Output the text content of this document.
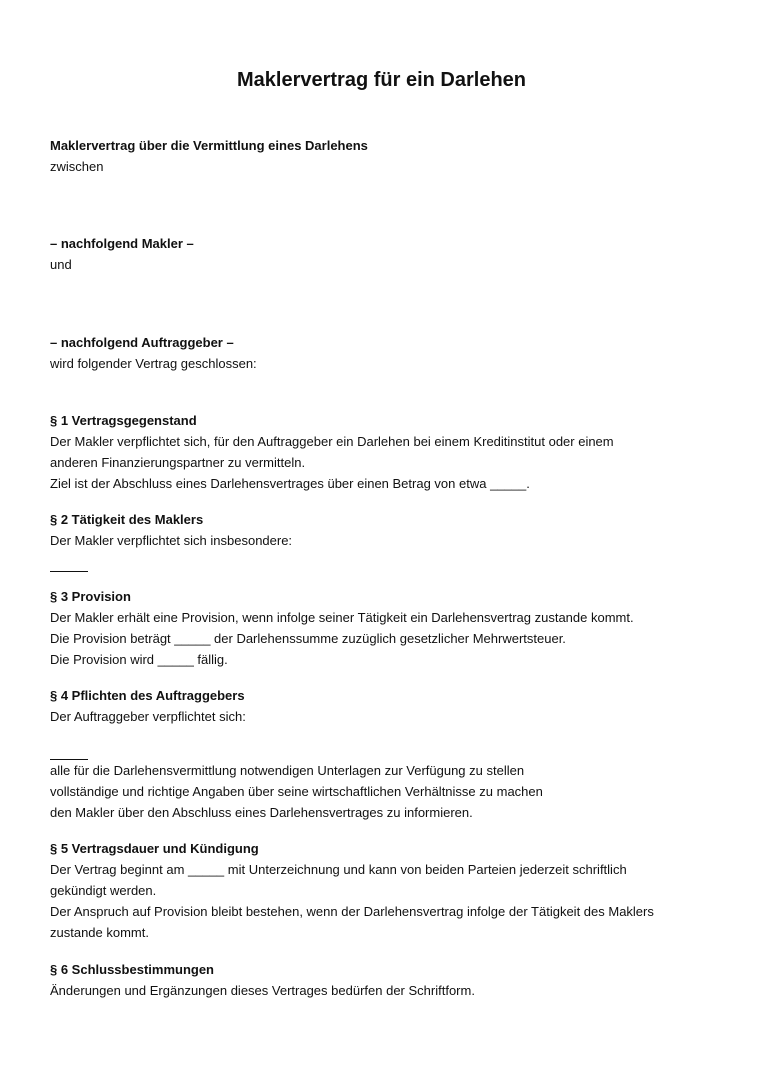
Maklervertrag für ein Darlehen
Maklervertrag über die Vermittlung eines Darlehens
zwischen
– nachfolgend Makler –
und
– nachfolgend Auftraggeber –
wird folgender Vertrag geschlossen:
§ 1 Vertragsgegenstand
Der Makler verpflichtet sich, für den Auftraggeber ein Darlehen bei einem Kreditinstitut oder einem
anderen Finanzierungspartner zu vermitteln.
Ziel ist der Abschluss eines Darlehensvertrages über einen Betrag von etwa _____.
§ 2 Tätigkeit des Maklers
Der Makler verpflichtet sich insbesondere:
§ 3 Provision
Der Makler erhält eine Provision, wenn infolge seiner Tätigkeit ein Darlehensvertrag zustande kommt.
Die Provision beträgt _____ der Darlehenssumme zuzüglich gesetzlicher Mehrwertsteuer.
Die Provision wird _____ fällig.
§ 4 Pflichten des Auftraggebers
Der Auftraggeber verpflichtet sich:
alle für die Darlehensvermittlung notwendigen Unterlagen zur Verfügung zu stellen
vollständige und richtige Angaben über seine wirtschaftlichen Verhältnisse zu machen
den Makler über den Abschluss eines Darlehensvertrages zu informieren.
§ 5 Vertragsdauer und Kündigung
Der Vertrag beginnt am _____ mit Unterzeichnung und kann von beiden Parteien jederzeit schriftlich
gekündigt werden.
Der Anspruch auf Provision bleibt bestehen, wenn der Darlehensvertrag infolge der Tätigkeit des Maklers
zustande kommt.
§ 6 Schlussbestimmungen
Änderungen und Ergänzungen dieses Vertrages bedürfen der Schriftform.
